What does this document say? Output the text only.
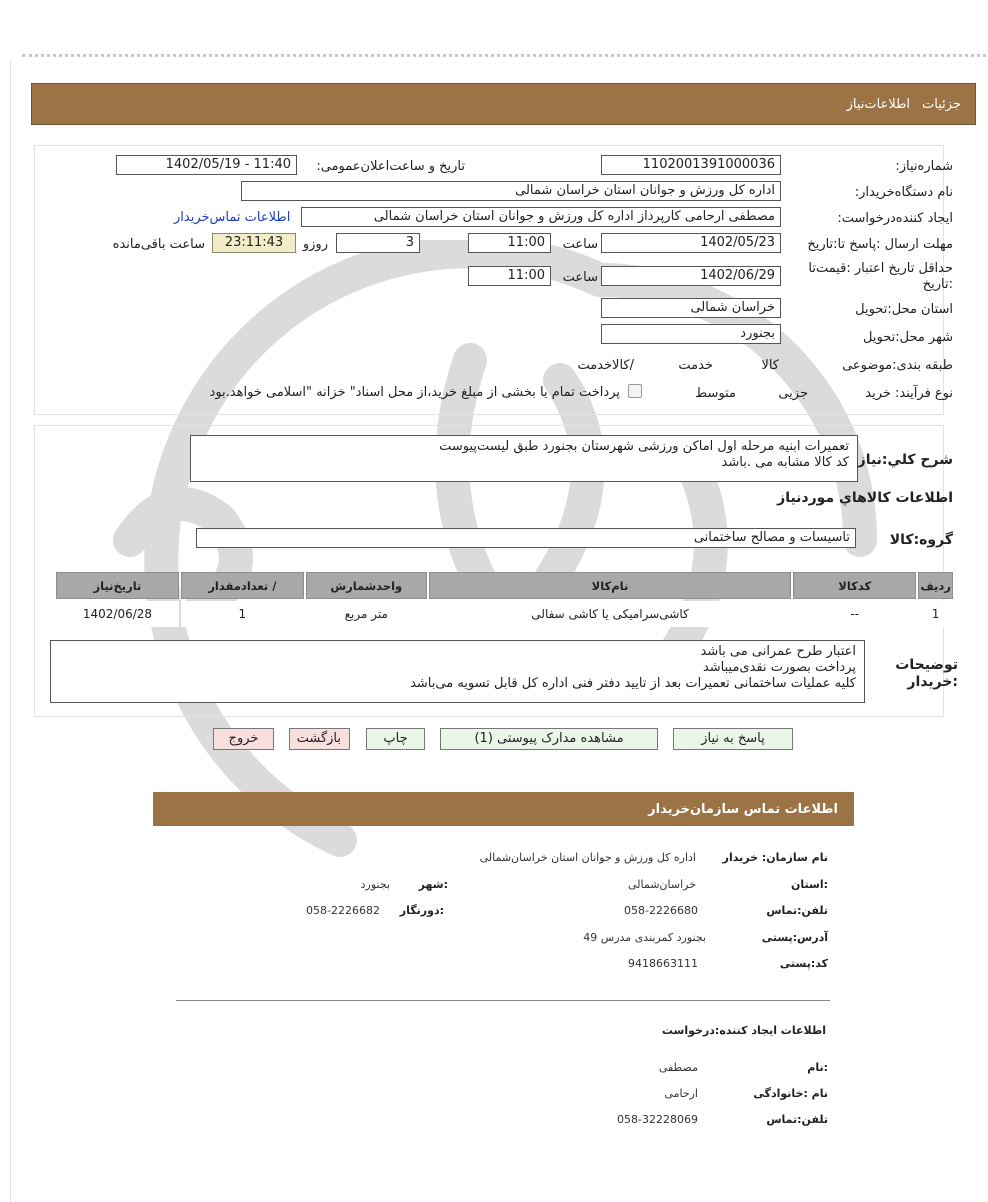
جزئیات
اطلاعات‌نیاز
شماره‌نیاز:
1102001391000036
تاریخ و ساعت‌اعلان‌عمومی:
1402/05/19 - 11:40
نام دستگاه‌خریدار:
اداره کل ورزش و جوانان استان خراسان شمالی
ایجاد کننده‌درخواست:
مصطفی ارحامی کارپرداز اداره کل ورزش و جوانان استان خراسان شمالی
اطلاعات تماس‌خریدار
مهلت ارسال :پاسخ تا:تاریخ
1402/05/23
ساعت
11:00
3
روزو
23:11:43
ساعت باقی‌مانده
حداقل تاریخ اعتبار :قیمت‌تا :تاریخ
1402/06/29
ساعت
11:00
استان محل:تحویل
خراسان شمالی
شهر محل:تحویل
بجنورد
طبقه بندی:موضوعی

کالا

خدمت

/کالاخدمت
نوع فرآیند: خرید

جزیی
متوسط
پرداخت تمام یا بخشی از مبلغ خرید،از محل اسناد" خزانه "اسلامی خواهد.بود
شرح کلي:نیاز
تعمیرات ابنیه مرحله اول اماکن ورزشی شهرستان بجنورد طبق لیست‌پیوست
کد کالا مشابه می .باشد
اطلاعات کالاهاي موردنیاز
گروه:کالا
تاسیسات و مصالح ساختمانی
ردیف	کدکالا	نام‌کالا	واحدشمارش	/ تعدادمقدار	تاریخ‌نیاز
1	--	کاشی‌سرامیکی یا کاشی سفالی	متر مربع	1	1402/06/28
توضیحات :خریدار
اعتبار طرح عمرانی می باشد
پرداخت بصورت نقدی‌میباشد
کلیه عملیات ساختمانی تعمیرات بعد از تایید دفتر فنی اداره کل قابل تسویه می‌باشد
پاسخ به نیاز
مشاهده مدارک پیوستی (1)
چاپ
بازگشت
خروج
اطلاعات تماس سازمان‌خریدار
نام سازمان: خریدار
اداره کل ورزش و جوانان استان خراسان‌شمالی
:استان
خراسان‌شمالی
:شهر
بجنورد
تلفن:تماس
058-2226680
:دورنگار
058-2226682
آدرس:پستی
بجنورد کمربندی مدرس 49
کد:پستی
9418663111
اطلاعات ایجاد کننده:درخواست
:نام
مصطفی
نام :خانوادگی
ارحامی
تلفن:تماس
058-32228069
